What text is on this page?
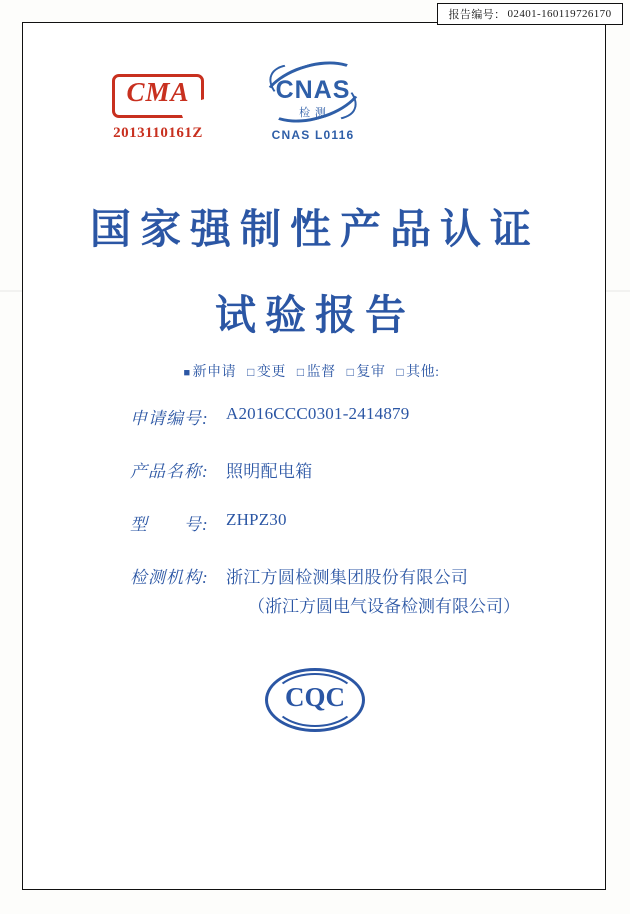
报告编号： 02401-160119726170
CMA
2013110161Z
CNAS
检 测
CNAS L0116
国家强制性产品认证
试验报告
■ 新申请 □ 变更 □ 监督 □ 复审 □ 其他:
申请编号:	A2016CCC0301-2414879
产品名称:	照明配电箱
型　　号:	ZHPZ30
检测机构:	浙江方圆检测集团股份有限公司
（浙江方圆电气设备检测有限公司）
CQC
